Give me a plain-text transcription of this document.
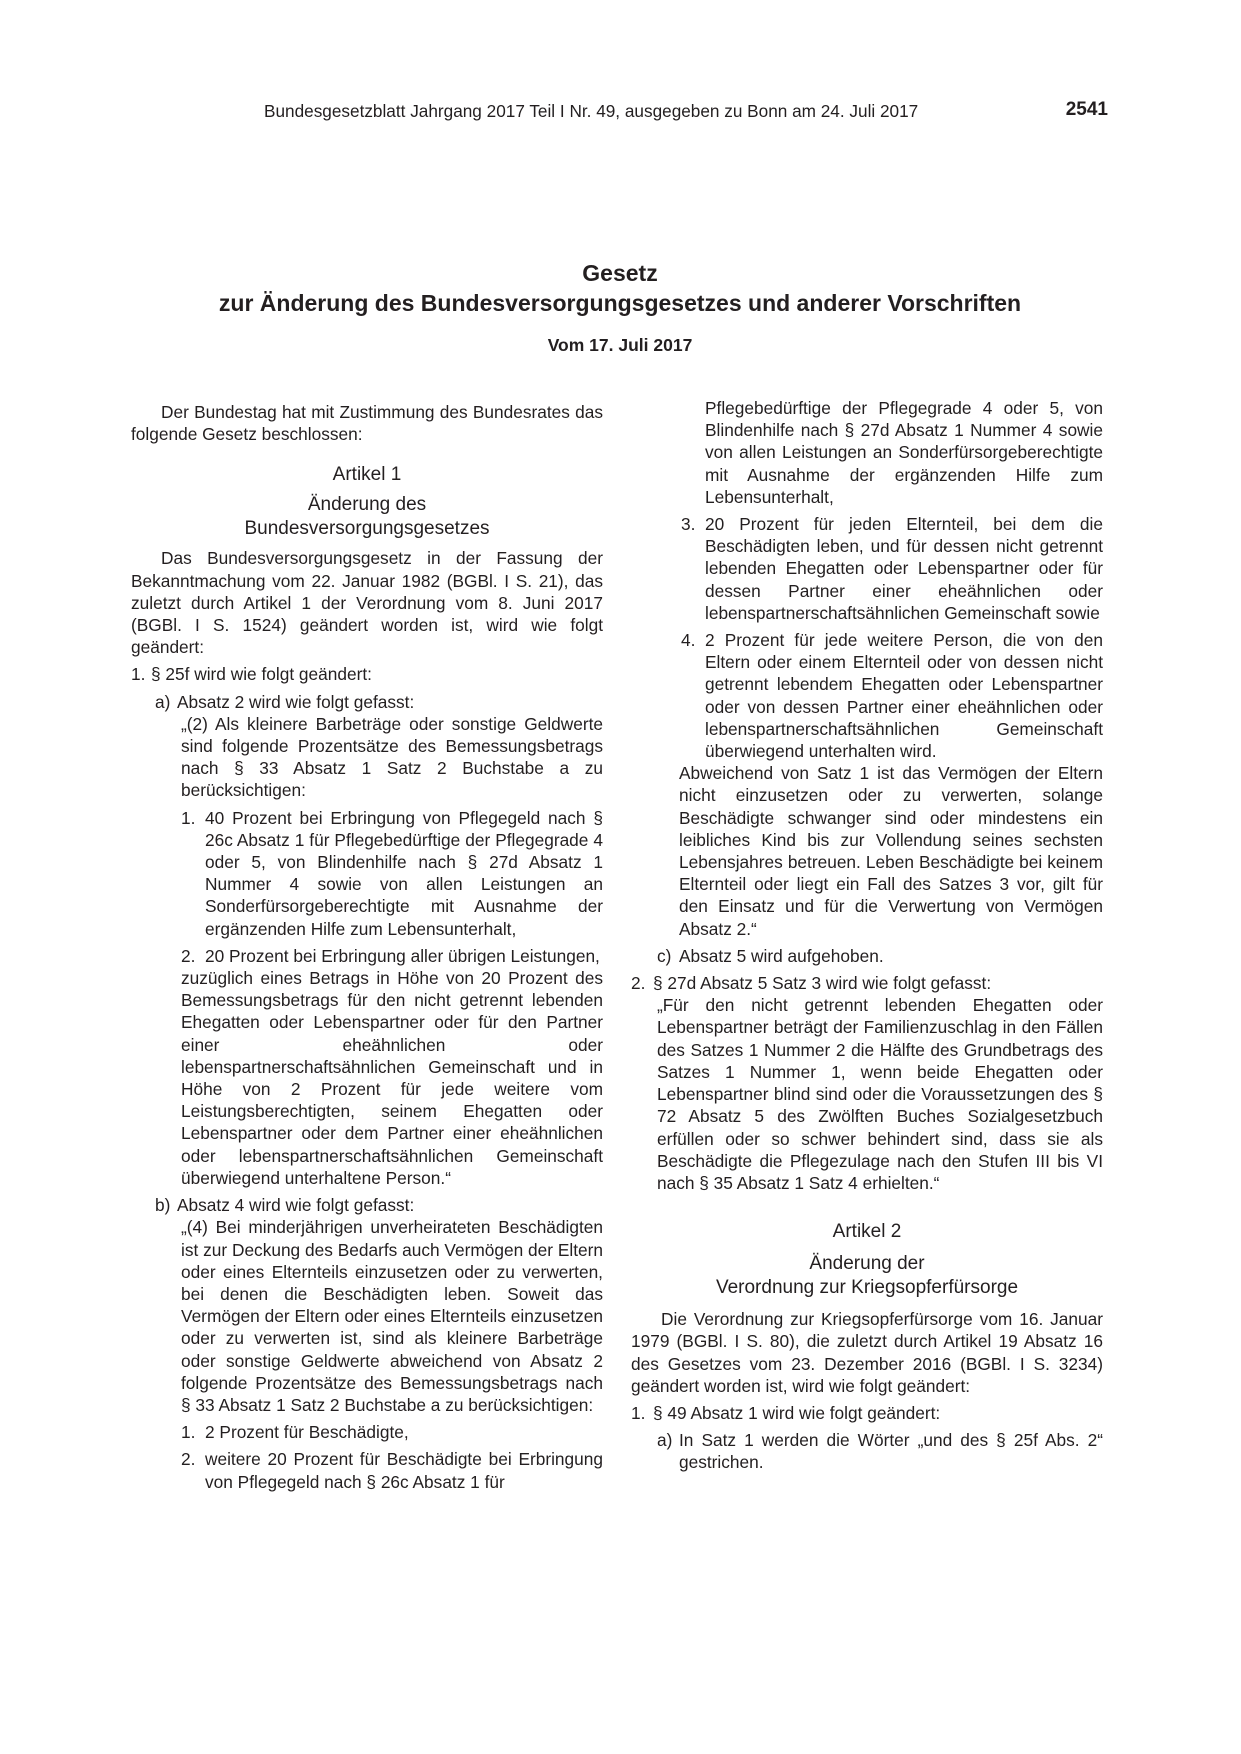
Bundesgesetzblatt Jahrgang 2017 Teil I Nr. 49, ausgegeben zu Bonn am 24. Juli 2017	2541
Gesetz
zur Änderung des Bundesversorgungsgesetzes und anderer Vorschriften
Vom 17. Juli 2017

Der Bundestag hat mit Zustimmung des Bundesrates das folgende Gesetz beschlossen:

Artikel 1

Änderung des

Bundesversorgungsgesetzes

Das Bundesversorgungsgesetz in der Fassung der Bekanntmachung vom 22. Januar 1982 (BGBl. I S. 21), das zuletzt durch Artikel 1 der Verordnung vom 8. Juni 2017 (BGBl. I S. 1524) geändert worden ist, wird wie folgt geändert:

1. § 25f wird wie folgt geändert:
a) Absatz 2 wird wie folgt gefasst:

„(2) Als kleinere Barbeträge oder sonstige Geldwerte sind folgende Prozentsätze des Bemessungsbetrags nach § 33 Absatz 1 Satz 2 Buchstabe a zu berücksichtigen:

1. 40 Prozent bei Erbringung von Pflegegeld nach § 26c Absatz 1 für Pflegebedürftige der Pflegegrade 4 oder 5, von Blindenhilfe nach § 27d Absatz 1 Nummer 4 sowie von allen Leistungen an Sonderfürsorgeberechtigte mit Ausnahme der ergänzenden Hilfe zum Lebensunterhalt,
2. 20 Prozent bei Erbringung aller übrigen Leistungen,

zuzüglich eines Betrags in Höhe von 20 Prozent des Bemessungsbetrags für den nicht getrennt lebenden Ehegatten oder Lebenspartner oder für den Partner einer eheähnlichen oder lebenspartnerschaftsähnlichen Gemeinschaft und in Höhe von 2 Prozent für jede weitere vom Leistungsberechtigten, seinem Ehegatten oder Lebenspartner oder dem Partner einer eheähnlichen oder lebenspartnerschaftsähnlichen Gemeinschaft überwiegend unterhaltene Person.“

b) Absatz 4 wird wie folgt gefasst:

„(4) Bei minderjährigen unverheirateten Beschädigten ist zur Deckung des Bedarfs auch Vermögen der Eltern oder eines Elternteils einzusetzen oder zu verwerten, bei denen die Beschädigten leben. Soweit das Vermögen der Eltern oder eines Elternteils einzusetzen oder zu verwerten ist, sind als kleinere Barbeträge oder sonstige Geldwerte abweichend von Absatz 2 folgende Prozentsätze des Bemessungsbetrags nach § 33 Absatz 1 Satz 2 Buchstabe a zu berücksichtigen:

1. 2 Prozent für Beschädigte,
2. weitere 20 Prozent für Beschädigte bei Erbringung von Pflegegeld nach § 26c Absatz 1 für

Pflegebedürftige der Pflegegrade 4 oder 5, von Blindenhilfe nach § 27d Absatz 1 Nummer 4 sowie von allen Leistungen an Sonderfürsorgeberechtigte mit Ausnahme der ergänzenden Hilfe zum Lebensunterhalt,

3. 20 Prozent für jeden Elternteil, bei dem die Beschädigten leben, und für dessen nicht getrennt lebenden Ehegatten oder Lebenspartner oder für dessen Partner einer eheähnlichen oder lebenspartnerschaftsähnlichen Gemeinschaft sowie
4. 2 Prozent für jede weitere Person, die von den Eltern oder einem Elternteil oder von dessen nicht getrennt lebendem Ehegatten oder Lebenspartner oder von dessen Partner einer eheähnlichen oder lebenspartnerschaftsähnlichen Gemeinschaft überwiegend unterhalten wird.

Abweichend von Satz 1 ist das Vermögen der Eltern nicht einzusetzen oder zu verwerten, solange Beschädigte schwanger sind oder mindestens ein leibliches Kind bis zur Vollendung seines sechsten Lebensjahres betreuen. Leben Beschädigte bei keinem Elternteil oder liegt ein Fall des Satzes 3 vor, gilt für den Einsatz und für die Verwertung von Vermögen Absatz 2.“

c) Absatz 5 wird aufgehoben.
2. § 27d Absatz 5 Satz 3 wird wie folgt gefasst:

„Für den nicht getrennt lebenden Ehegatten oder Lebenspartner beträgt der Familienzuschlag in den Fällen des Satzes 1 Nummer 2 die Hälfte des Grundbetrags des Satzes 1 Nummer 1, wenn beide Ehegatten oder Lebenspartner blind sind oder die Voraussetzungen des § 72 Absatz 5 des Zwölften Buches Sozialgesetzbuch erfüllen oder so schwer behindert sind, dass sie als Beschädigte die Pflegezulage nach den Stufen III bis VI nach § 35 Absatz 1 Satz 4 erhielten.“

Artikel 2

Änderung der

Verordnung zur Kriegsopferfürsorge

Die Verordnung zur Kriegsopferfürsorge vom 16. Januar 1979 (BGBl. I S. 80), die zuletzt durch Artikel 19 Absatz 16 des Gesetzes vom 23. Dezember 2016 (BGBl. I S. 3234) geändert worden ist, wird wie folgt geändert:

1. § 49 Absatz 1 wird wie folgt geändert:
a) In Satz 1 werden die Wörter „und des § 25f Abs. 2“ gestrichen.
